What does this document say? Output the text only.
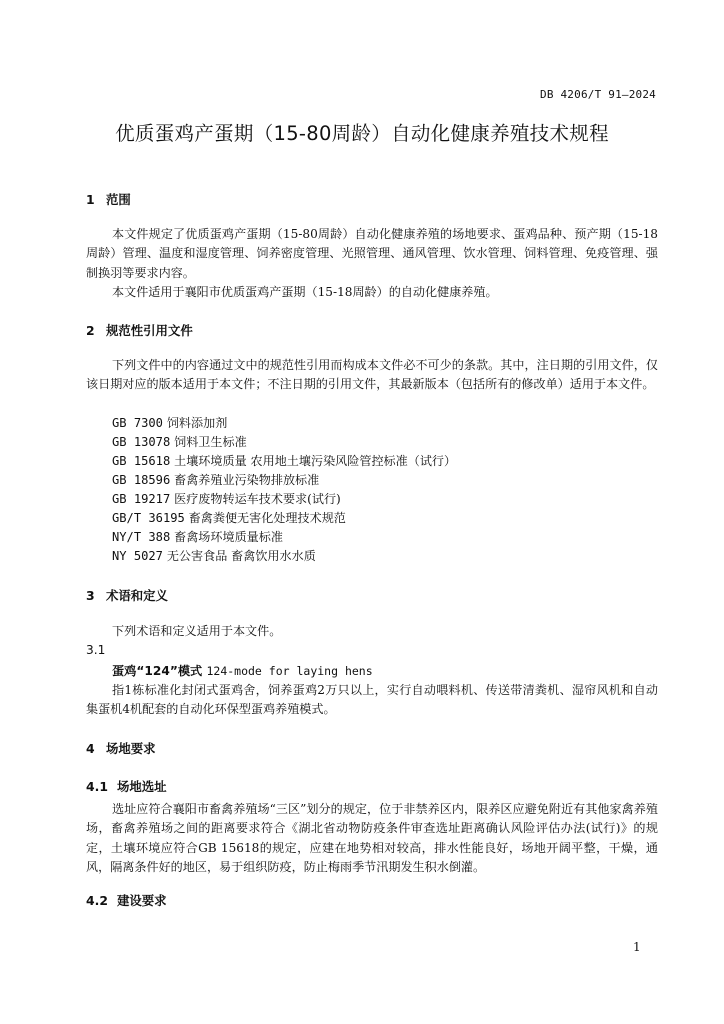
DB 4206/T 91—2024
优质蛋鸡产蛋期（15-80周龄）自动化健康养殖技术规程
1 范围
本文件规定了优质蛋鸡产蛋期（15-80周龄）自动化健康养殖的场地要求、蛋鸡品种、预产期（15-18周龄）管理、温度和湿度管理、饲养密度管理、光照管理、通风管理、饮水管理、饲料管理、免疫管理、强制换羽等要求内容。
本文件适用于襄阳市优质蛋鸡产蛋期（15-18周龄）的自动化健康养殖。
2 规范性引用文件
下列文件中的内容通过文中的规范性引用而构成本文件必不可少的条款。其中，注日期的引用文件，仅该日期对应的版本适用于本文件；不注日期的引用文件，其最新版本（包括所有的修改单）适用于本文件。
GB 7300 饲料添加剂
GB 13078 饲料卫生标准
GB 15618 土壤环境质量 农用地土壤污染风险管控标准（试行）
GB 18596 畜禽养殖业污染物排放标准
GB 19217 医疗废物转运车技术要求(试行)
GB/T 36195 畜禽粪便无害化处理技术规范
NY/T 388 畜禽场环境质量标准
NY 5027 无公害食品 畜禽饮用水水质
3 术语和定义
下列术语和定义适用于本文件。
3.1
蛋鸡“124”模式 124-mode for laying hens
指1栋标准化封闭式蛋鸡舍，饲养蛋鸡2万只以上，实行自动喂料机、传送带清粪机、湿帘风机和自动集蛋机4机配套的自动化环保型蛋鸡养殖模式。
4 场地要求
4.1 场地选址
选址应符合襄阳市畜禽养殖场“三区”划分的规定，位于非禁养区内，限养区应避免附近有其他家禽养殖场，畜禽养殖场之间的距离要求符合《湖北省动物防疫条件审查选址距离确认风险评估办法(试行)》的规定，土壤环境应符合GB 15618的规定，应建在地势相对较高，排水性能良好，场地开阔平整，干燥，通风，隔离条件好的地区，易于组织防疫，防止梅雨季节汛期发生积水倒灌。
4.2 建设要求
1
